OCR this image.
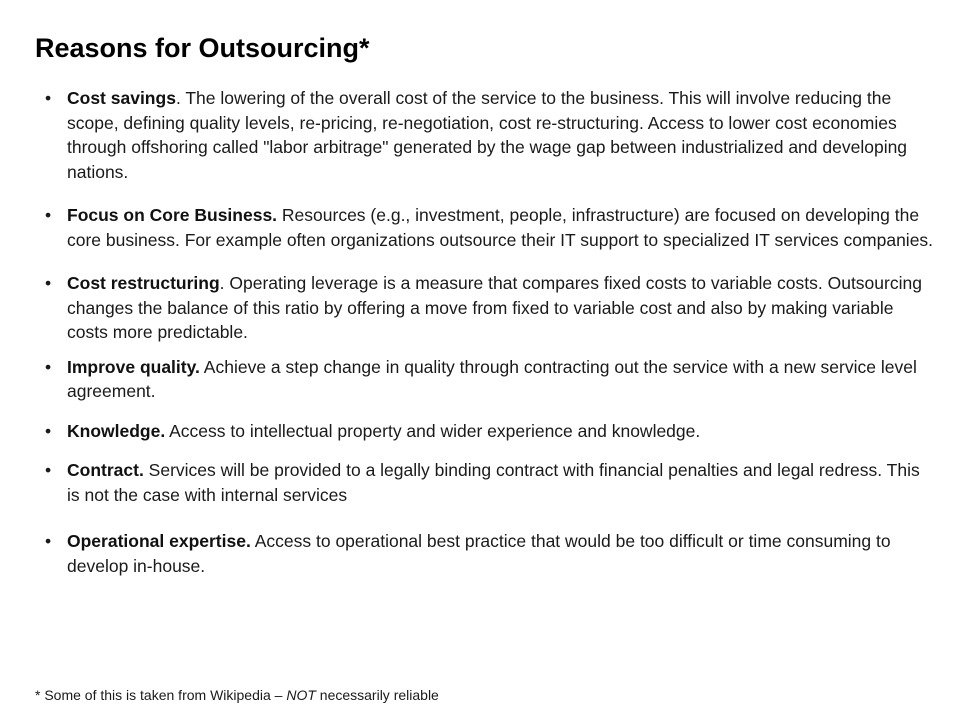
Reasons for Outsourcing*
• Cost savings. The lowering of the overall cost of the service to the business. This will involve reducing the scope, defining quality levels, re-pricing, re-negotiation, cost re-structuring. Access to lower cost economies through offshoring called "labor arbitrage" generated by the wage gap between industrialized and developing nations.
• Focus on Core Business. Resources (e.g., investment, people, infrastructure) are focused on developing the core business. For example often organizations outsource their IT support to specialized IT services companies.
• Cost restructuring. Operating leverage is a measure that compares fixed costs to variable costs. Outsourcing changes the balance of this ratio by offering a move from fixed to variable cost and also by making variable costs more predictable.
• Improve quality. Achieve a step change in quality through contracting out the service with a new service level agreement.
• Knowledge. Access to intellectual property and wider experience and knowledge.
• Contract. Services will be provided to a legally binding contract with financial penalties and legal redress. This is not the case with internal services
• Operational expertise. Access to operational best practice that would be too difficult or time consuming to develop in-house.
* Some of this is taken from Wikipedia – NOT necessarily reliable
